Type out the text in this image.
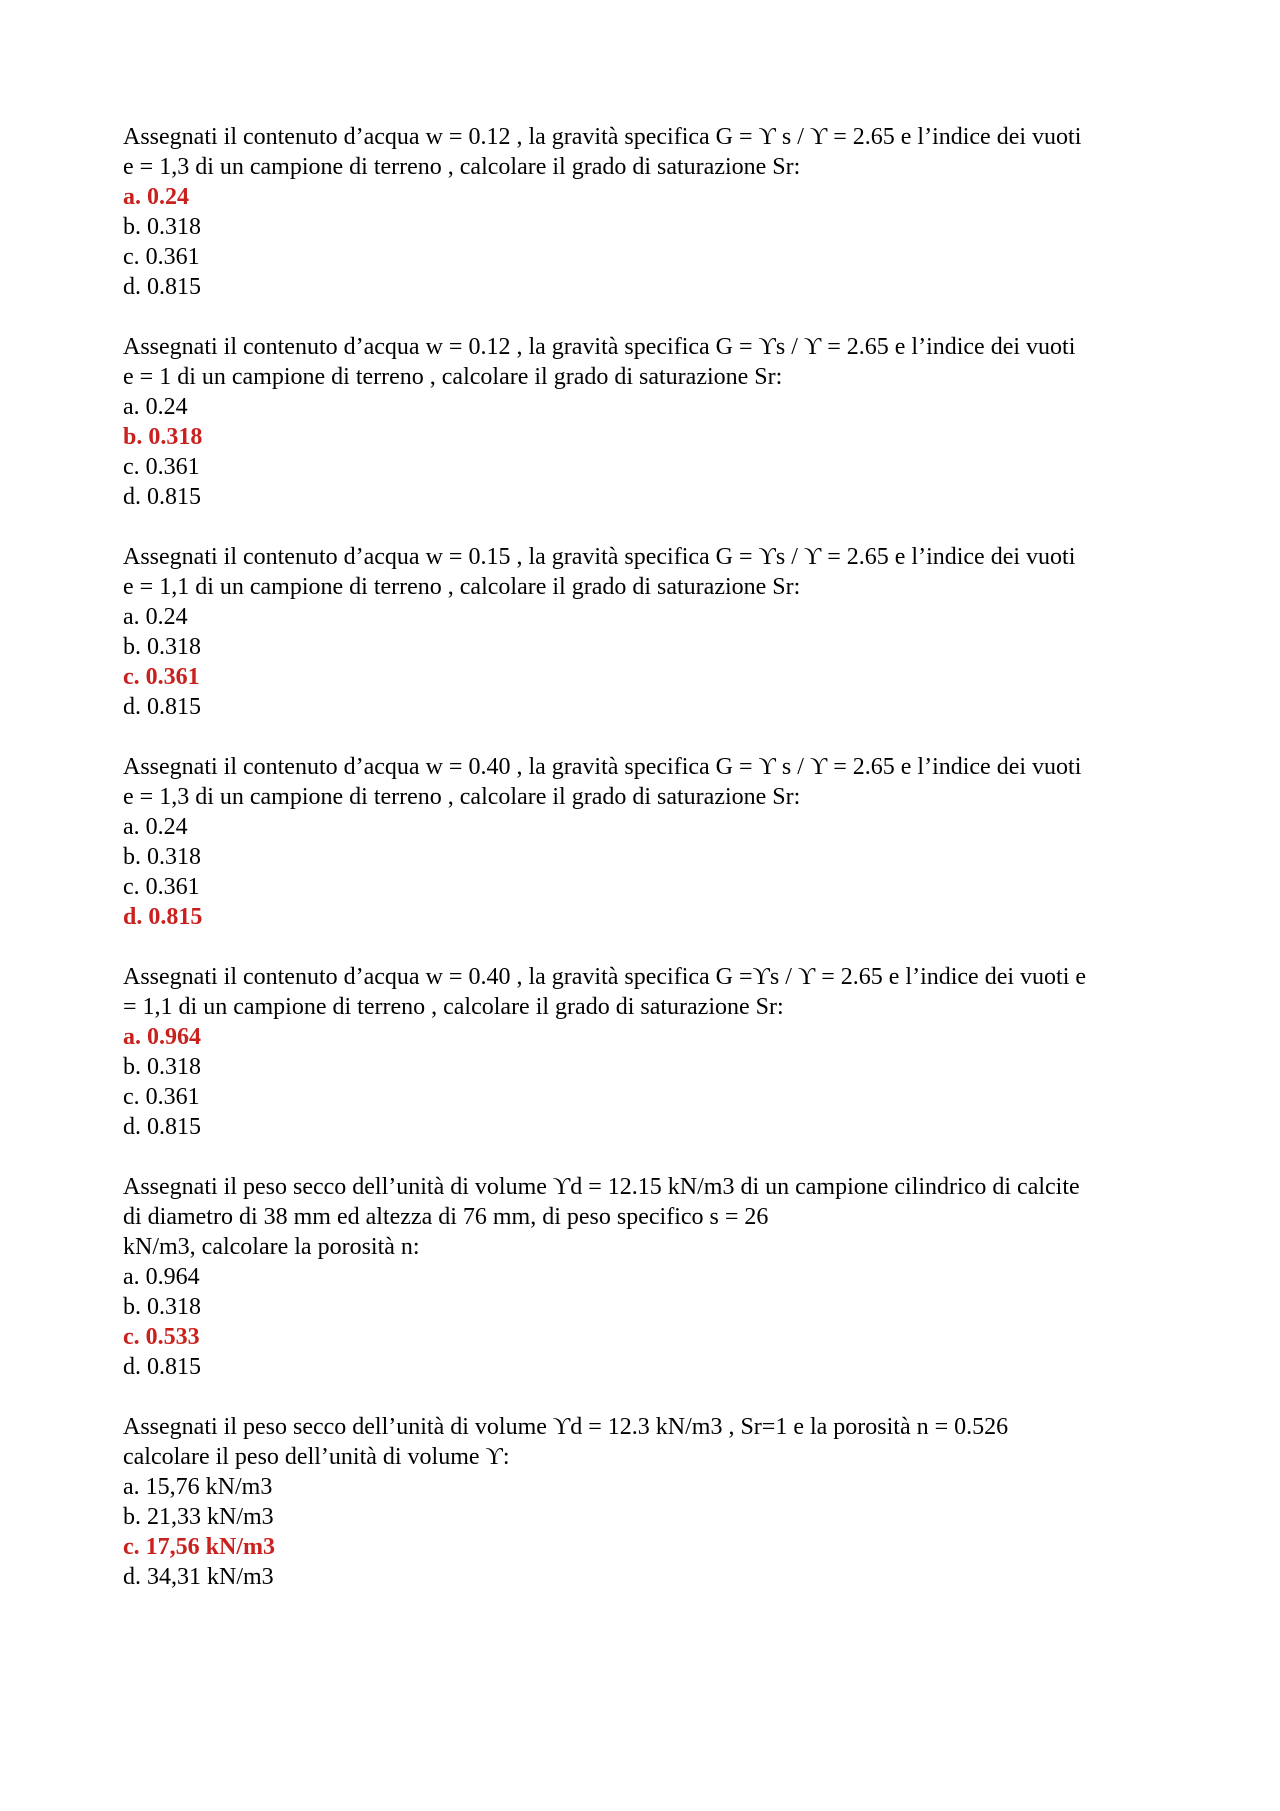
Assegnati il contenuto d’acqua w = 0.12 , la gravità specifica G = ϒ s / ϒ = 2.65 e l’indice dei vuoti
e = 1,3 di un campione di terreno , calcolare il grado di saturazione Sr:
a. 0.24
b. 0.318
c. 0.361
d. 0.815
Assegnati il contenuto d’acqua w = 0.12 , la gravità specifica G = ϒs / ϒ = 2.65 e l’indice dei vuoti
e = 1 di un campione di terreno , calcolare il grado di saturazione Sr:
a. 0.24
b. 0.318
c. 0.361
d. 0.815
Assegnati il contenuto d’acqua w = 0.15 , la gravità specifica G = ϒs / ϒ = 2.65 e l’indice dei vuoti
e = 1,1 di un campione di terreno , calcolare il grado di saturazione Sr:
a. 0.24
b. 0.318
c. 0.361
d. 0.815
Assegnati il contenuto d’acqua w = 0.40 , la gravità specifica G = ϒ s / ϒ = 2.65 e l’indice dei vuoti
e = 1,3 di un campione di terreno , calcolare il grado di saturazione Sr:
a. 0.24
b. 0.318
c. 0.361
d. 0.815
Assegnati il contenuto d’acqua w = 0.40 , la gravità specifica G =ϒs / ϒ = 2.65 e l’indice dei vuoti e
= 1,1 di un campione di terreno , calcolare il grado di saturazione Sr:
a. 0.964
b. 0.318
c. 0.361
d. 0.815
Assegnati il peso secco dell’unità di volume ϒd = 12.15 kN/m3 di un campione cilindrico di calcite
di diametro di 38 mm ed altezza di 76 mm, di peso specifico s = 26
kN/m3, calcolare la porosità n:
a. 0.964
b. 0.318
c. 0.533
d. 0.815
Assegnati il peso secco dell’unità di volume ϒd = 12.3 kN/m3 , Sr=1 e la porosità n = 0.526
calcolare il peso dell’unità di volume ϒ:
a. 15,76 kN/m3
b. 21,33 kN/m3
c. 17,56 kN/m3
d. 34,31 kN/m3
